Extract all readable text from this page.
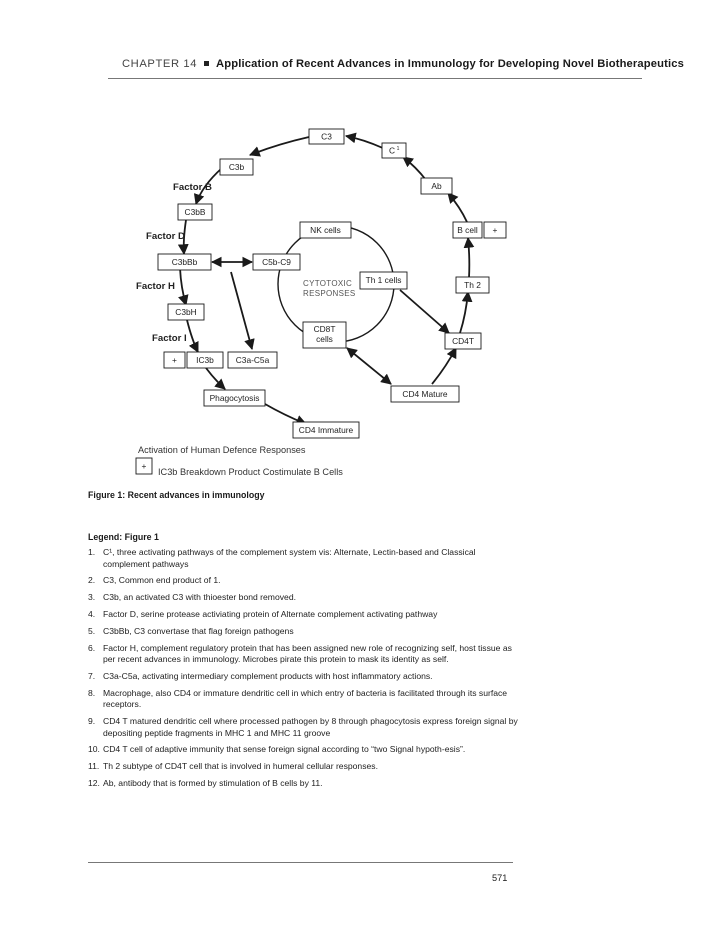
CHAPTER 14 Application of Recent Advances in Immunology for Developing Novel Biotherapeutics
C3
C 1
C3b
Ab
C3bB
NK cells	B cell +
C3bBb	C5b-C9
Th 1 cells	Th 2
C3bH
CD8T
cells	CD4T
+ IC3b	C3a-C5a
CD4 Mature
Phagocytosis
CD4 Immature
+
Factor B
Factor D
Factor H
Factor I
CYTOTOXIC
RESPONSES
Activation of Human Defence Responses
IC3b Breakdown Product Costimulate B Cells
Figure 1: Recent advances in immunology
Legend: Figure 1
1. C¹, three activating pathways of the complement system vis: Alternate, Lectin-based and Classical complement pathways
2. C3, Common end product of 1.
3. C3b, an activated C3 with thioester bond removed.
4. Factor D, serine protease activiating protein of Alternate complement activating pathway
5. C3bBb, C3 convertase that flag foreign pathogens
6. Factor H, complement regulatory protein that has been assigned new role of recognizing self, host tissue as per recent advances in immunology. Microbes pirate this protein to mask its identity as self.
7. C3a-C5a, activating intermediary complement products with host inflammatory actions.
8. Macrophage, also CD4 or immature dendritic cell in which entry of bacteria is facilitated through its surface receptors.
9. CD4 T matured dendritic cell where processed pathogen by 8 through phagocytosis express foreign signal by depositing peptide fragments in MHC 1 and MHC 11 groove
10. CD4 T cell of adaptive immunity that sense foreign signal according to “two Signal hypoth-esis”.
11. Th 2 subtype of CD4T cell that is involved in humeral cellular responses.
12. Ab, antibody that is formed by stimulation of B cells by 11.
571
